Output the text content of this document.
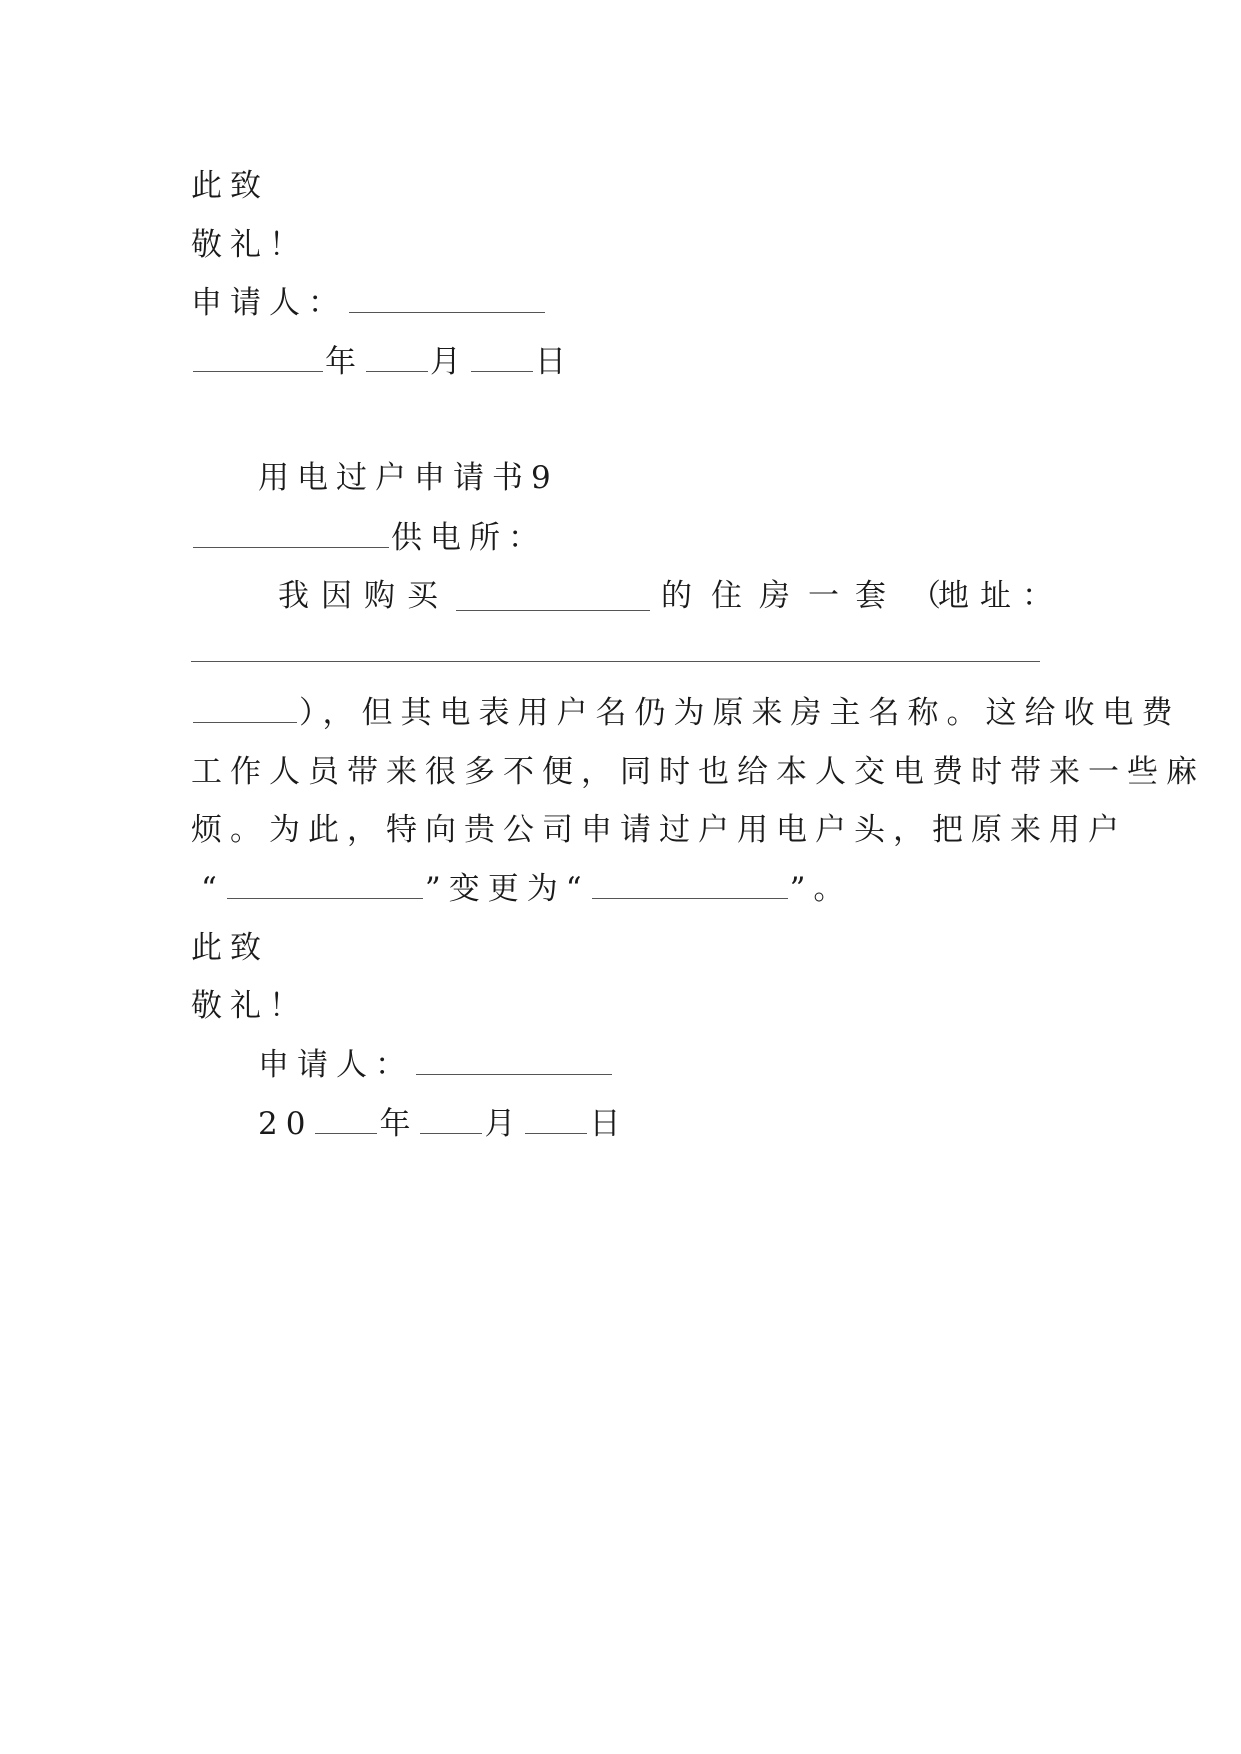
此致
敬礼！
申请人：
年 月 日
用电过户申请书9
供电所：
我 因 购 买	的 住 房 一 套 （
地 址 ：
），但其电表用户名仍为原来房主名称。这给收电费
工作人员带来很多不便，同时也给本人交电费时带来一些麻
烦。为此，特向贵公司申请过户用电户头，把原来用户
“	”变更为“	”。
此致
敬礼！
申请人：
20 年 月 日
